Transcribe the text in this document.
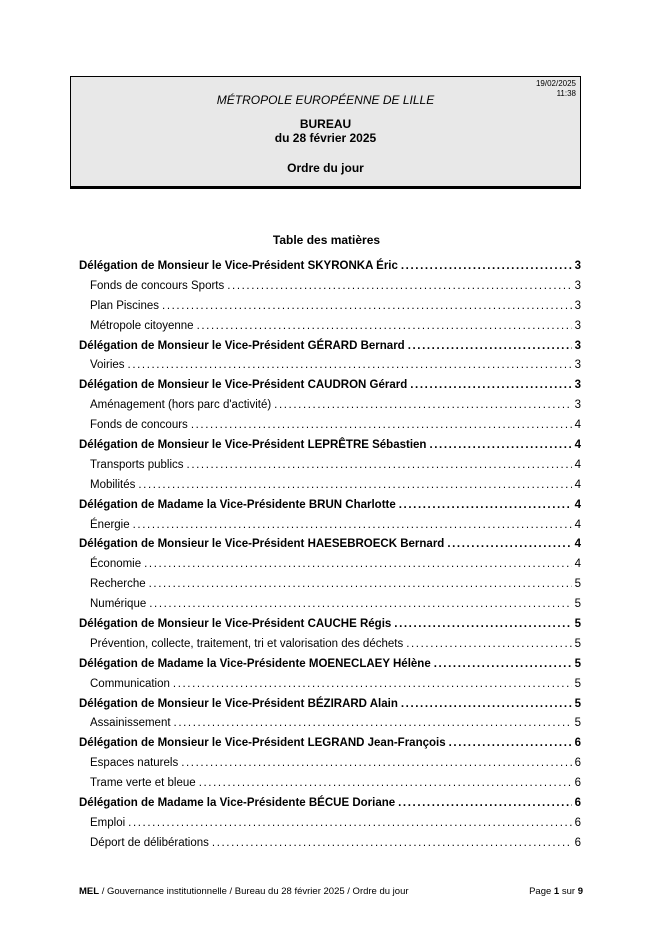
19/02/2025
11:38
MÉTROPOLE EUROPÉENNE DE LILLE
BUREAU
du 28 février 2025
Ordre du jour
Table des matières
Délégation de Monsieur le Vice-Président SKYRONKA Éric .....	3
Fonds de concours Sports .....	3
Plan Piscines .....	3
Métropole citoyenne .....	3
Délégation de Monsieur le Vice-Président GÉRARD Bernard .....	3
Voiries .....	3
Délégation de Monsieur le Vice-Président CAUDRON Gérard .....	3
Aménagement (hors parc d'activité) .....	3
Fonds de concours .....	4
Délégation de Monsieur le Vice-Président LEPRÊTRE Sébastien .....	4
Transports publics .....	4
Mobilités .....	4
Délégation de Madame la Vice-Présidente BRUN Charlotte .....	4
Énergie .....	4
Délégation de Monsieur le Vice-Président HAESEBROECK Bernard .....	4
Économie .....	4
Recherche .....	5
Numérique .....	5
Délégation de Monsieur le Vice-Président CAUCHE Régis .....	5
Prévention, collecte, traitement, tri et valorisation des déchets .....	5
Délégation de Madame la Vice-Présidente MOENECLAEY Hélène .....	5
Communication .....	5
Délégation de Monsieur le Vice-Président BÉZIRARD Alain .....	5
Assainissement .....	5
Délégation de Monsieur le Vice-Président LEGRAND Jean-François .....	6
Espaces naturels .....	6
Trame verte et bleue .....	6
Délégation de Madame la Vice-Présidente BÉCUE Doriane .....	6
Emploi .....	6
Déport de délibérations .....	6
MEL / Gouvernance institutionnelle / Bureau du 28 février 2025 / Ordre du jour	Page 1 sur 9
